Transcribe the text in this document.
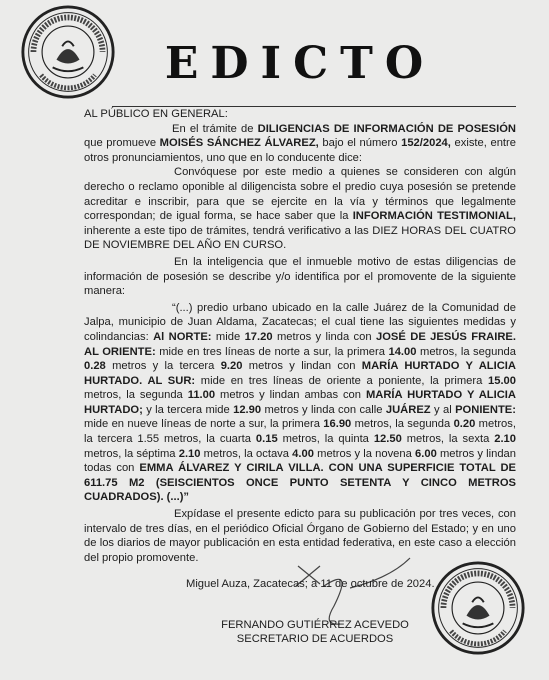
EDICTO

AL PÚBLICO EN GENERAL:

En el trámite de DILIGENCIAS DE INFORMACIÓN DE POSESIÓN que promueve MOISÉS SÁNCHEZ ÁLVAREZ, bajo el número 152/2024, existe, entre otros pronunciamientos, uno que en lo conducente dice:

Convóquese por este medio a quienes se consideren con algún derecho o reclamo oponible al diligencista sobre el predio cuya posesión se pretende acreditar e inscribir, para que se ejercite en la vía y términos que legalmente correspondan; de igual forma, se hace saber que la INFORMACIÓN TESTIMONIAL, inherente a este tipo de trámites, tendrá verificativo a las DIEZ HORAS DEL CUATRO DE NOVIEMBRE DEL AÑO EN CURSO.

En la inteligencia que el inmueble motivo de estas diligencias de información de posesión se describe y/o identifica por el promovente de la siguiente manera:

“(...) predio urbano ubicado en la calle Juárez de la Comunidad de Jalpa, municipio de Juan Aldama, Zacatecas; el cual tiene las siguientes medidas y colindancias: Al NORTE: mide 17.20 metros y linda con JOSÉ DE JESÚS FRAIRE. AL ORIENTE: mide en tres líneas de norte a sur, la primera 14.00 metros, la segunda 0.28 metros y la tercera 9.20 metros y lindan con MARÍA HURTADO Y ALICIA HURTADO. AL SUR: mide en tres líneas de oriente a poniente, la primera 15.00 metros, la segunda 11.00 metros y lindan ambas con MARÍA HURTADO Y ALICIA HURTADO; y la tercera mide 12.90 metros y linda con calle JUÁREZ y al PONIENTE: mide en nueve líneas de norte a sur, la primera 16.90 metros, la segunda 0.20 metros, la tercera 1.55 metros, la cuarta 0.15 metros, la quinta 12.50 metros, la sexta 2.10 metros, la séptima 2.10 metros, la octava 4.00 metros y la novena 6.00 metros y lindan todas con EMMA ÁLVAREZ Y CIRILA VILLA. CON UNA SUPERFICIE TOTAL DE 611.75 M2 (SEISCIENTOS ONCE PUNTO SETENTA Y CINCO METROS CUADRADOS). (...)”

Expídase el presente edicto para su publicación por tres veces, con intervalo de tres días, en el periódico Oficial Órgano de Gobierno del Estado; y en uno de los diarios de mayor publicación en esta entidad federativa, en este caso a elección del propio promovente.

Miguel Auza, Zacatecas; a 11 de octubre de 2024.
FERNANDO GUTIÉRREZ ACEVEDO
SECRETARIO DE ACUERDOS
